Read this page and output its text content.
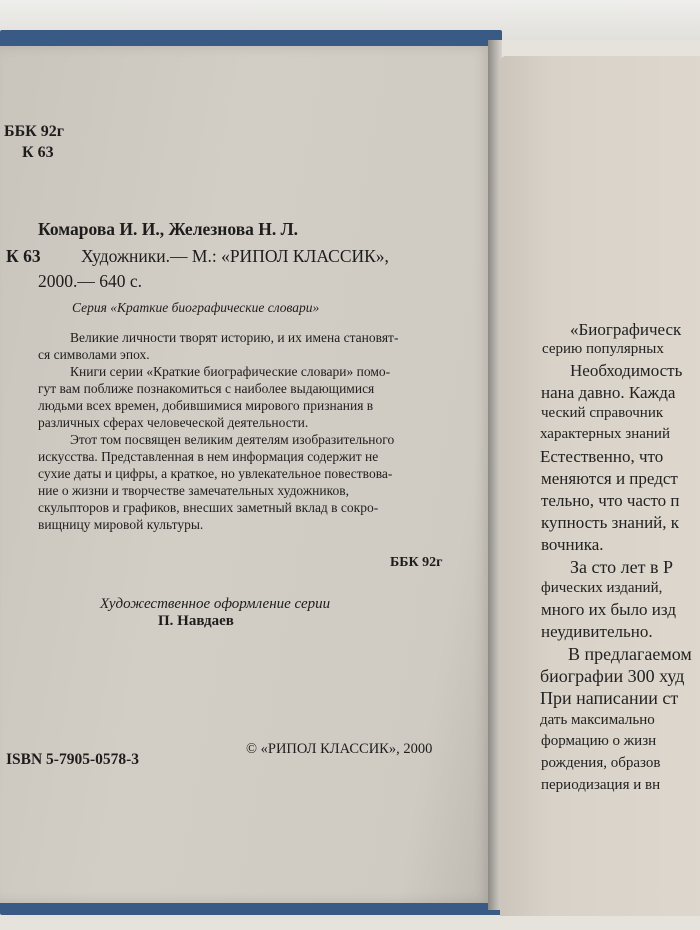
ББК 92г
К 63
Комарова И. И., Железнова Н. Л.
К 63 Художники.— М.: «РИПОЛ КЛАССИК»,
2000.— 640 с.
Серия «Краткие биографические словари»
Великие личности творят историю, и их имена становят-
ся символами эпох.
Книги серии «Краткие биографические словари» помо-
гут вам поближе познакомиться с наиболее выдающимися
людьми всех времен, добившимися мирового признания в
различных сферах человеческой деятельности.
Этот том посвящен великим деятелям изобразительного
искусства. Представленная в нем информация содержит не
сухие даты и цифры, а краткое, но увлекательное повествова-
ние о жизни и творчестве замечательных художников,
скульпторов и графиков, внесших заметный вклад в сокро-
вищницу мировой культуры.
ББК 92г
Художественное оформление серии
П. Навдаев
ISBN 5-7905-0578-3
© «РИПОЛ КЛАССИК», 2000
«Биографическ
серию популярных
Необходимость
нана давно. Кажда
ческий справочник
характерных знаний
Естественно, что
меняются и предст
тельно, что часто п
купность знаний, к
вочника.
За сто лет в Р
фических изданий,
много их было изд
неудивительно.
В предлагаемом
биографии 300 худ
При написании ст
дать максимально
формацию о жизн
рождения, образов
периодизация и вн
